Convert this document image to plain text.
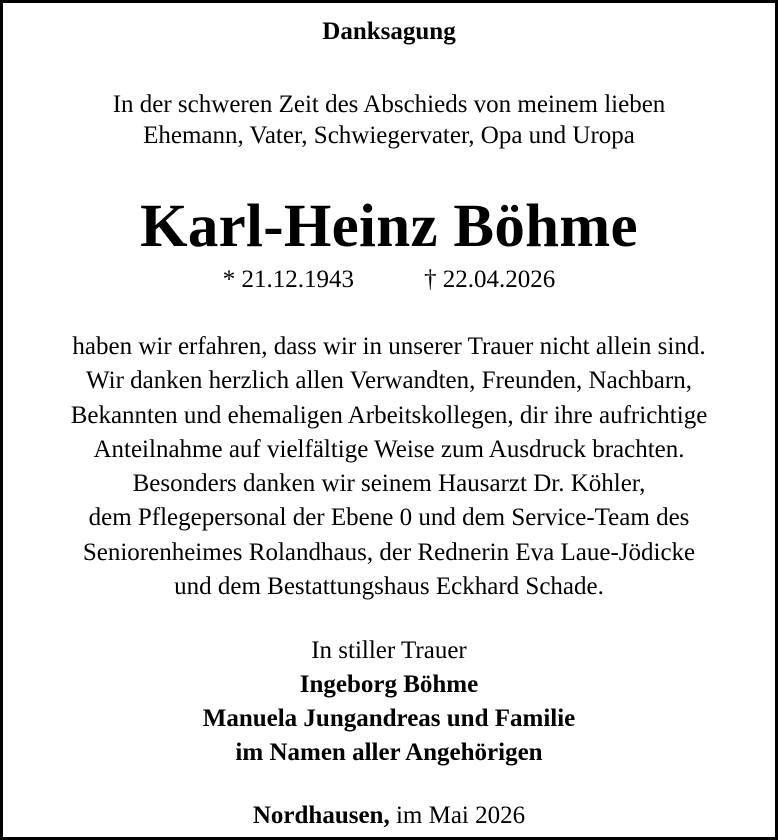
Danksagung
In der schweren Zeit des Abschieds von meinem lieben
Ehemann, Vater, Schwiegervater, Opa und Uropa
Karl-Heinz Böhme
* 21.12.1943	† 22.04.2026
haben wir erfahren, dass wir in unserer Trauer nicht allein sind.
Wir danken herzlich allen Verwandten, Freunden, Nachbarn,
Bekannten und ehemaligen Arbeitskollegen, dir ihre aufrichtige
Anteilnahme auf vielfältige Weise zum Ausdruck brachten.
Besonders danken wir seinem Hausarzt Dr. Köhler,
dem Pflegepersonal der Ebene 0 und dem Service-Team des
Seniorenheimes Rolandhaus, der Rednerin Eva Laue-Jödicke
und dem Bestattungshaus Eckhard Schade.
In stiller Trauer
Ingeborg Böhme
Manuela Jungandreas und Familie
im Namen aller Angehörigen
Nordhausen, im Mai 2026
